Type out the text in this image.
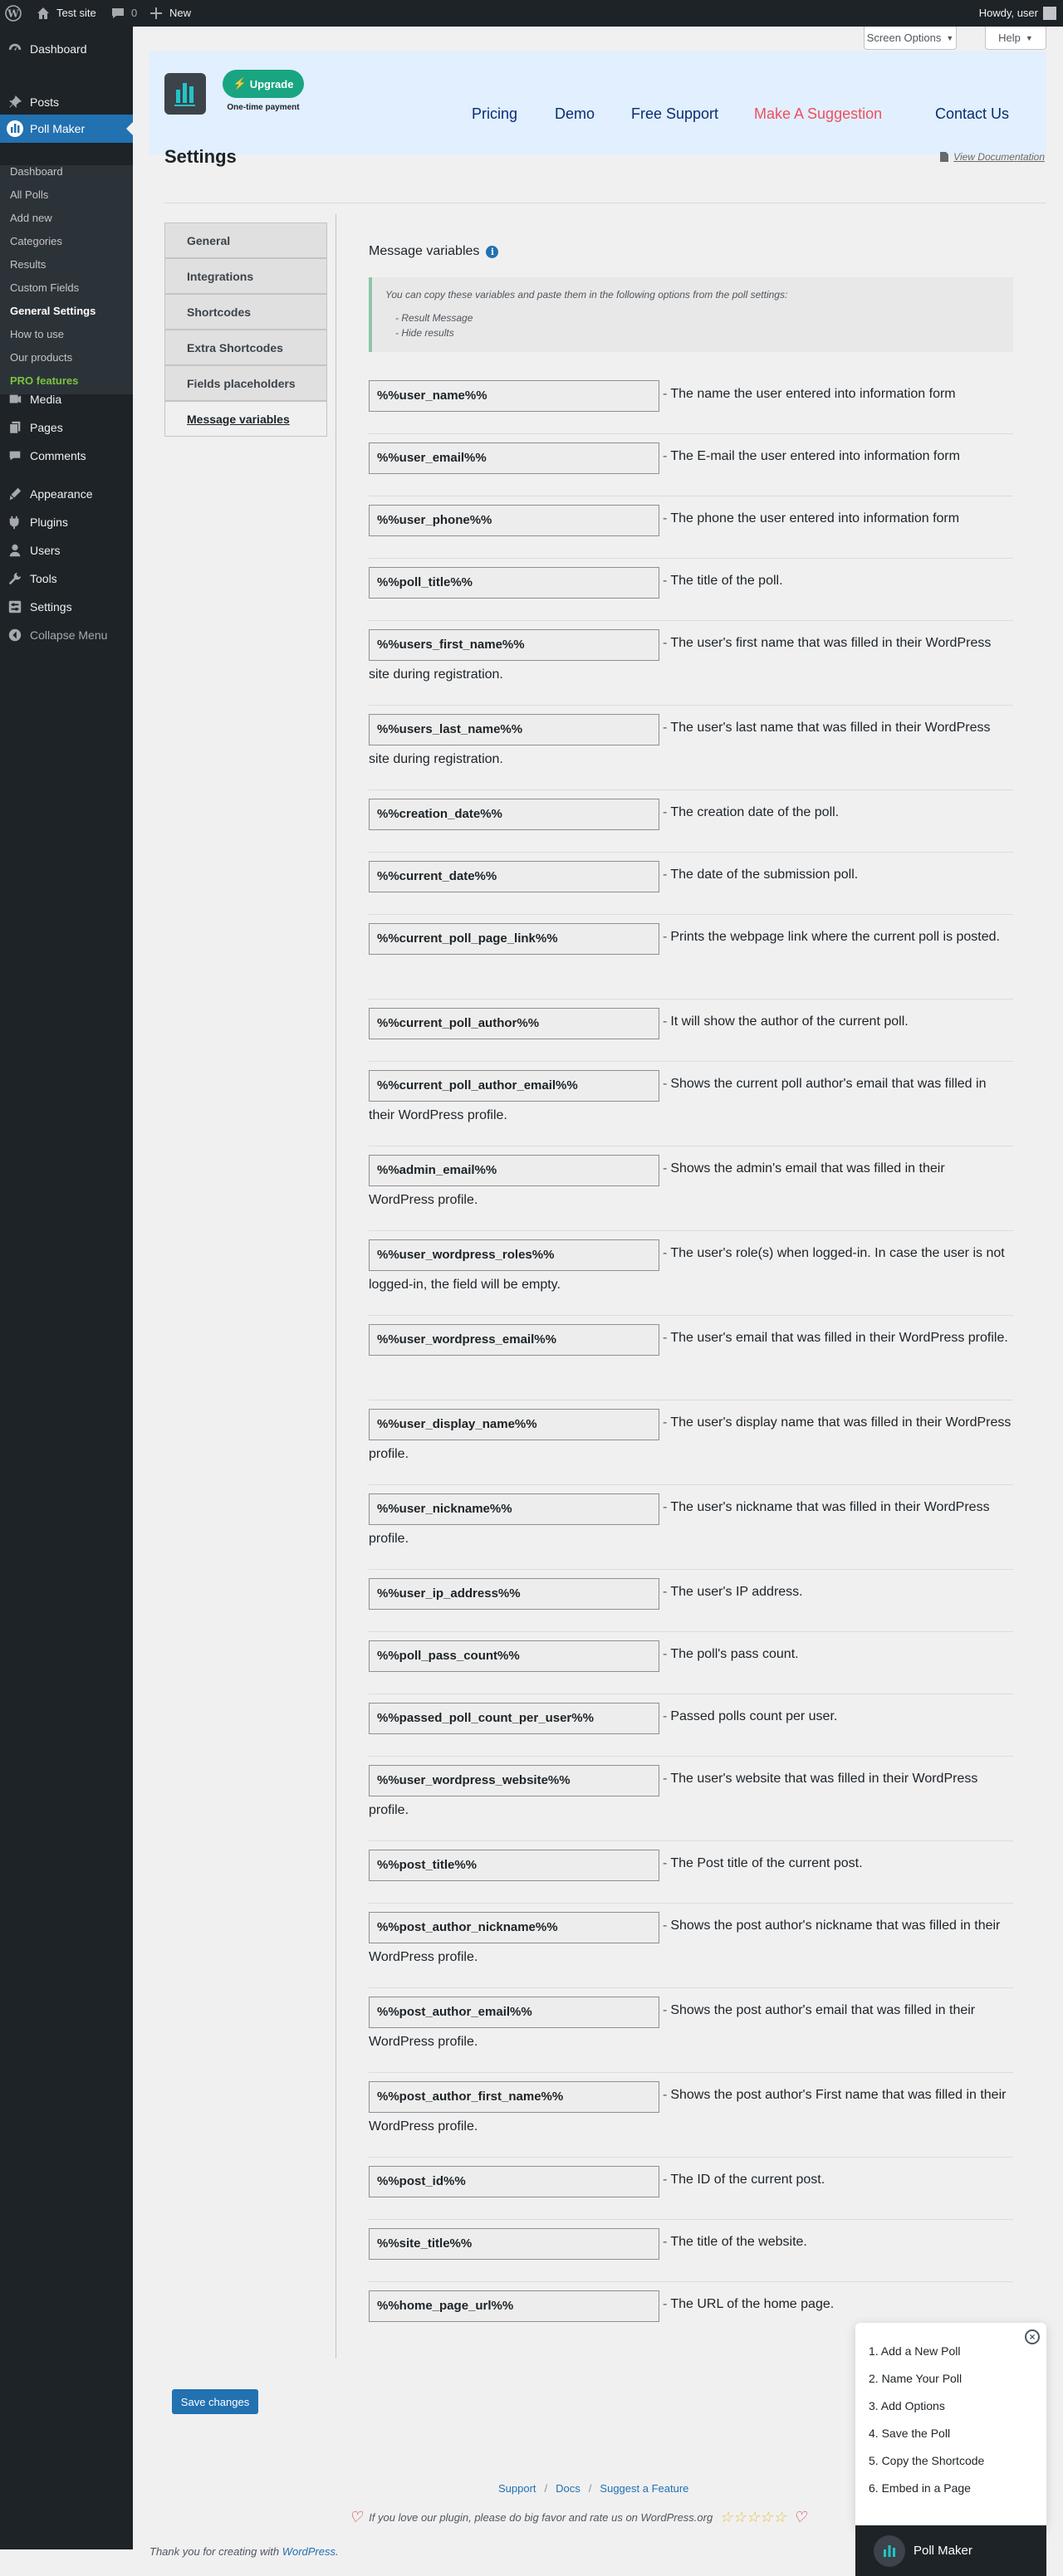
W	Test site	0	New	Howdy, user
Dashboard
Posts
Poll Maker
Dashboard
All Polls
Add new
Categories
Results
Custom Fields
General Settings
How to use
Our products
PRO features
Media
Pages
Comments
Appearance
Plugins
Users
Tools
Settings
Collapse Menu
Screen Options ▼	Help ▼
⚡ Upgrade
One-time payment	Pricing Demo Free Support Make A Suggestion	Contact Us
Settings	View Documentation
General
Integrations
Shortcodes
Extra Shortcodes
Fields placeholders
Message variables
Message variables	i
You can copy these variables and paste them in the following options from the poll settings:
- Result Message
- Hide results
Save changes
Support / Docs / Suggest a Feature
♡ If you love our plugin, please do big favor and rate us on WordPress.org ☆☆☆☆☆ ♡
Thank you for creating with WordPress.
×
1. Add a New Poll
2. Name Your Poll
3. Add Options
4. Save the Poll
5. Copy the Shortcode
6. Embed in a Page
Poll Maker
%%user_name%%	- The name the user entered into information form
%%user_email%%	- The E-mail the user entered into information form
%%user_phone%%	- The phone the user entered into information form
%%poll_title%%	- The title of the poll.
%%users_first_name%%	- The user's first name that was filled in their WordPress site during registration.
%%users_last_name%%	- The user's last name that was filled in their WordPress site during registration.
%%creation_date%%	- The creation date of the poll.
%%current_date%%	- The date of the submission poll.
%%current_poll_page_link%%	- Prints the webpage link where the current poll is posted.
%%current_poll_author%%	- It will show the author of the current poll.
%%current_poll_author_email%%	- Shows the current poll author's email that was filled in their WordPress profile.
%%admin_email%%	- Shows the admin's email that was filled in their WordPress profile.
%%user_wordpress_roles%%	- The user's role(s) when logged-in. In case the user is not logged-in, the field will be empty.
%%user_wordpress_email%%	- The user's email that was filled in their WordPress profile.
%%user_display_name%%	- The user's display name that was filled in their WordPress profile.
%%user_nickname%%	- The user's nickname that was filled in their WordPress profile.
%%user_ip_address%%	- The user's IP address.
%%poll_pass_count%%	- The poll's pass count.
%%passed_poll_count_per_user%%	- Passed polls count per user.
%%user_wordpress_website%%	- The user's website that was filled in their WordPress profile.
%%post_title%%	- The Post title of the current post.
%%post_author_nickname%%	- Shows the post author's nickname that was filled in their WordPress profile.
%%post_author_email%%	- Shows the post author's email that was filled in their WordPress profile.
%%post_author_first_name%%	- Shows the post author's First name that was filled in their WordPress profile.
%%post_id%%	- The ID of the current post.
%%site_title%%	- The title of the website.
%%home_page_url%%	- The URL of the home page.
